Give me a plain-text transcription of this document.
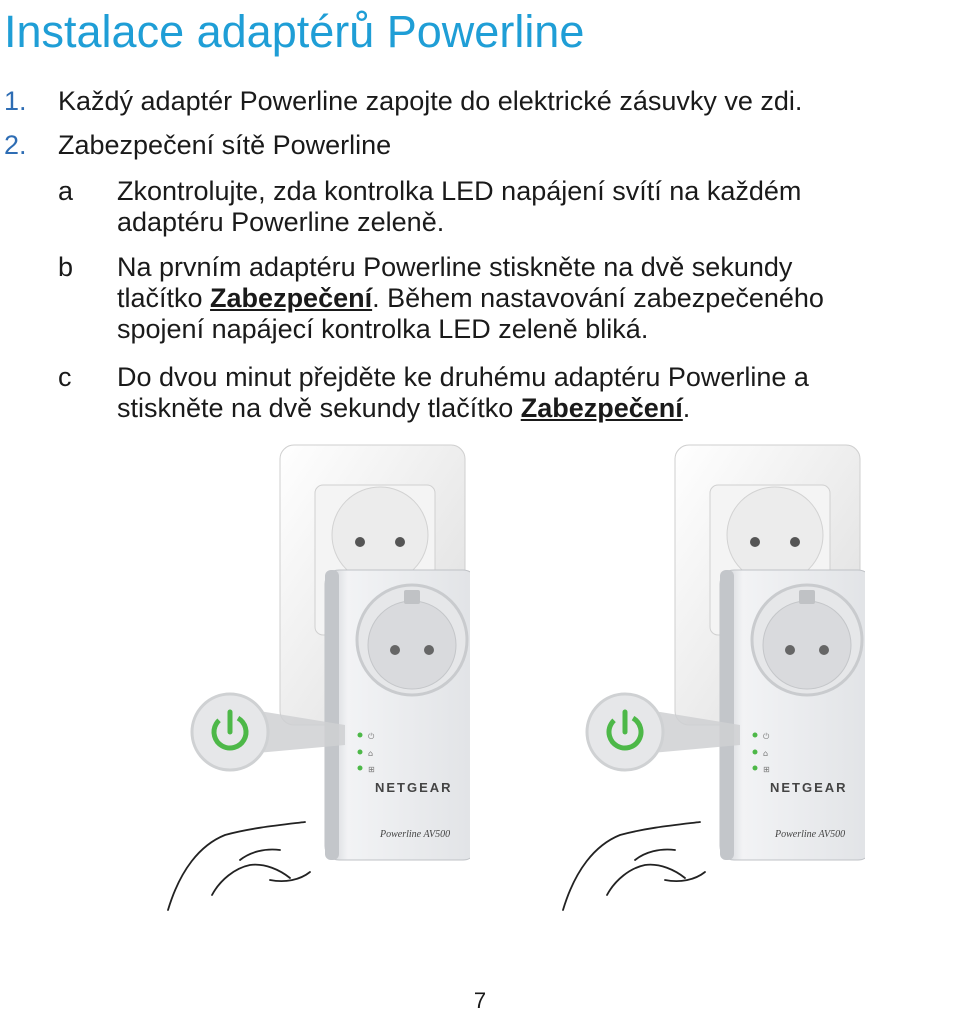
Instalace adaptérů Powerline
1. Každý adaptér Powerline zapojte do elektrické zásuvky ve zdi.
2. Zabezpečení sítě Powerline
a Zkontrolujte, zda kontrolka LED napájení svítí na každém
adaptéru Powerline zeleně.
b Na prvním adaptéru Powerline stiskněte na dvě sekundy
tlačítko Zabezpečení. Během nastavování zabezpečeného
spojení napájecí kontrolka LED zeleně bliká.
c Do dvou minut přejděte ke druhému adaptéru Powerline a
stiskněte na dvě sekundy tlačítko Zabezpečení.
⏻
⌂
⊞
NETGEAR
Powerline AV500
⏻
⌂
⊞
NETGEAR
Powerline AV500
7
